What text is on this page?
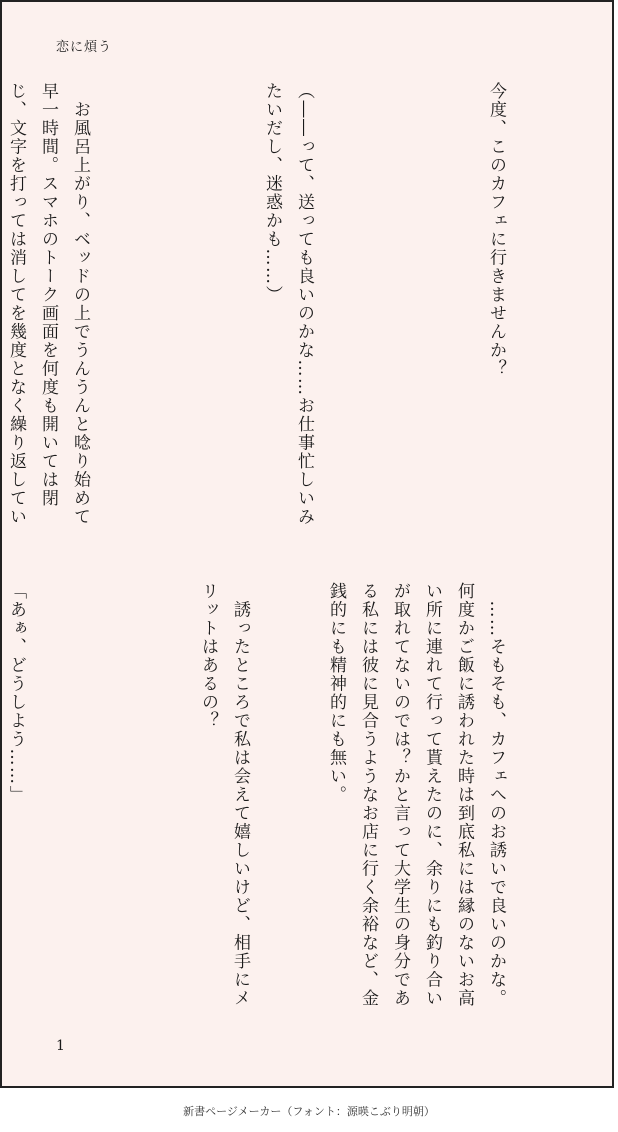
恋に煩う

今度、このカフェに行きませんか？

（――って、送っても良いのかな……お仕事忙しいみたいだし、迷惑かも……）

　お風呂上がり、ベッドの上でうんうんと唸り始めて早一時間。スマホのトーク画面を何度も開いては閉じ、文字を打っては消してを幾度となく繰り返してい

　……そもそも、カフェへのお誘いで良いのかな。何度かご飯に誘われた時は到底私には縁のないお高い所に連れて行って貰えたのに、余りにも釣り合いが取れてないのでは？かと言って大学生の身分である私には彼に見合うようなお店に行く余裕など、金銭的にも精神的にも無い。

　誘ったところで私は会えて嬉しいけど、相手にメリットはあるの？

「あぁ、どうしよう……」

1
新書ページメーカー（フォント：源暎こぶり明朝）
